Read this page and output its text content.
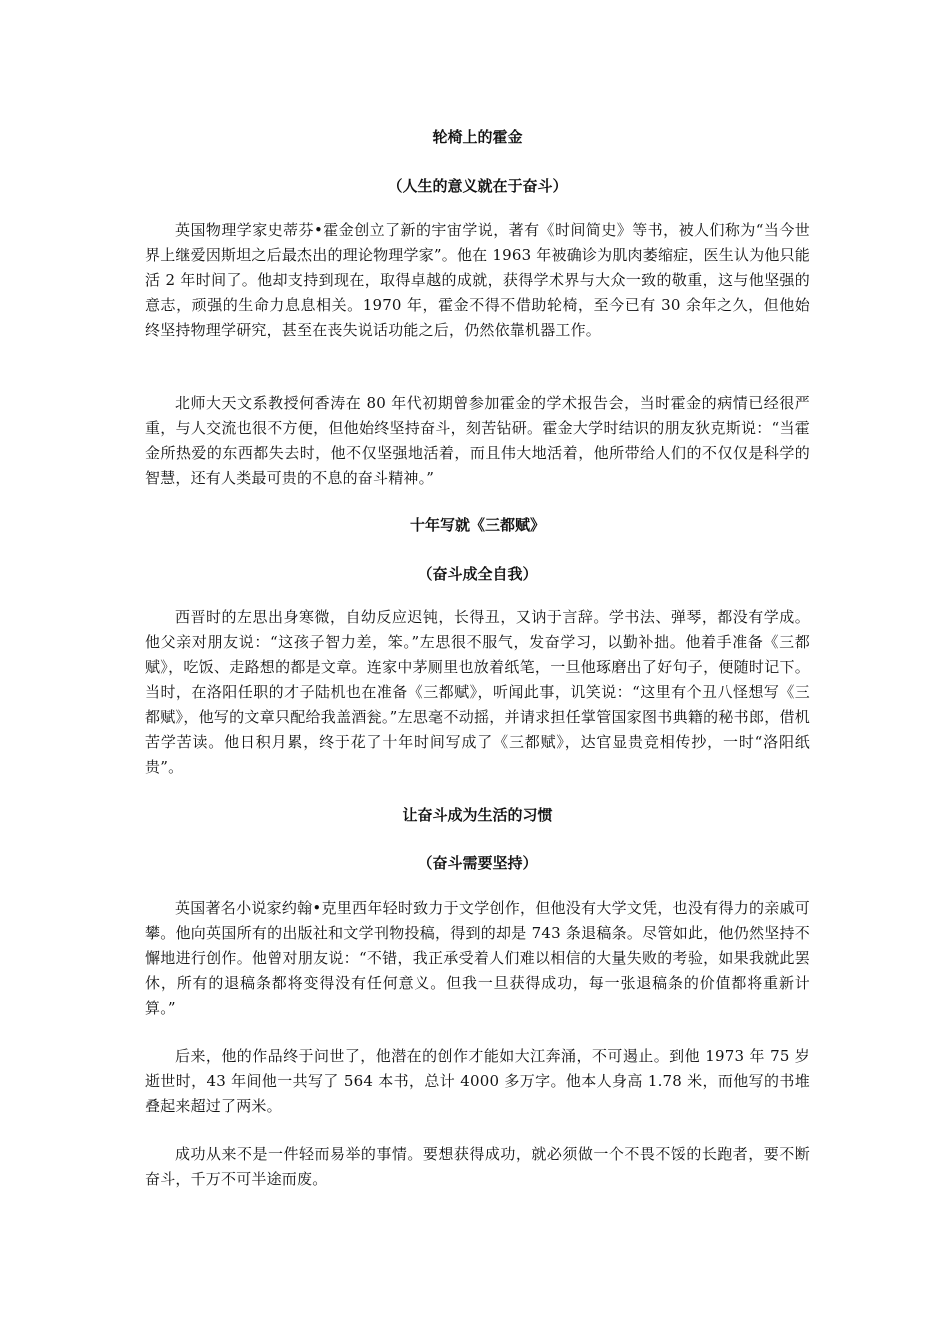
轮椅上的霍金
（人生的意义就在于奋斗）

英国物理学家史蒂芬•霍金创立了新的宇宙学说，著有《时间简史》等书，被人们称为“当今世界上继爱因斯坦之后最杰出的理论物理学家”。他在 1963 年被确诊为肌肉萎缩症，医生认为他只能活 2 年时间了。他却支持到现在，取得卓越的成就，获得学术界与大众一致的敬重，这与他坚强的意志，顽强的生命力息息相关。1970 年，霍金不得不借助轮椅，至今已有 30 余年之久，但他始终坚持物理学研究，甚至在丧失说话功能之后，仍然依靠机器工作。

北师大天文系教授何香涛在 80 年代初期曾参加霍金的学术报告会，当时霍金的病情已经很严重，与人交流也很不方便，但他始终坚持奋斗，刻苦钻研。霍金大学时结识的朋友狄克斯说：“当霍金所热爱的东西都失去时，他不仅坚强地活着，而且伟大地活着，他所带给人们的不仅仅是科学的智慧，还有人类最可贵的不息的奋斗精神。”

十年写就《三都赋》
（奋斗成全自我）

西晋时的左思出身寒微，自幼反应迟钝，长得丑，又讷于言辞。学书法、弹琴，都没有学成。他父亲对朋友说：“这孩子智力差，笨。”左思很不服气，发奋学习，以勤补拙。他着手准备《三都赋》，吃饭、走路想的都是文章。连家中茅厕里也放着纸笔，一旦他琢磨出了好句子，便随时记下。当时，在洛阳任职的才子陆机也在准备《三都赋》，听闻此事，讥笑说：“这里有个丑八怪想写《三都赋》，他写的文章只配给我盖酒瓮。”左思毫不动摇，并请求担任掌管国家图书典籍的秘书郎，借机苦学苦读。他日积月累，终于花了十年时间写成了《三都赋》，达官显贵竞相传抄，一时“洛阳纸贵”。

让奋斗成为生活的习惯
（奋斗需要坚持）

英国著名小说家约翰•克里西年轻时致力于文学创作，但他没有大学文凭，也没有得力的亲戚可攀。他向英国所有的出版社和文学刊物投稿，得到的却是 743 条退稿条。尽管如此，他仍然坚持不懈地进行创作。他曾对朋友说：“不错，我正承受着人们难以相信的大量失败的考验，如果我就此罢休，所有的退稿条都将变得没有任何意义。但我一旦获得成功，每一张退稿条的价值都将重新计算。”

后来，他的作品终于问世了，他潜在的创作才能如大江奔涌，不可遏止。到他 1973 年 75 岁逝世时，43 年间他一共写了 564 本书，总计 4000 多万字。他本人身高 1.78 米，而他写的书堆叠起来超过了两米。

成功从来不是一件轻而易举的事情。要想获得成功，就必须做一个不畏不馁的长跑者，要不断奋斗，千万不可半途而废。
